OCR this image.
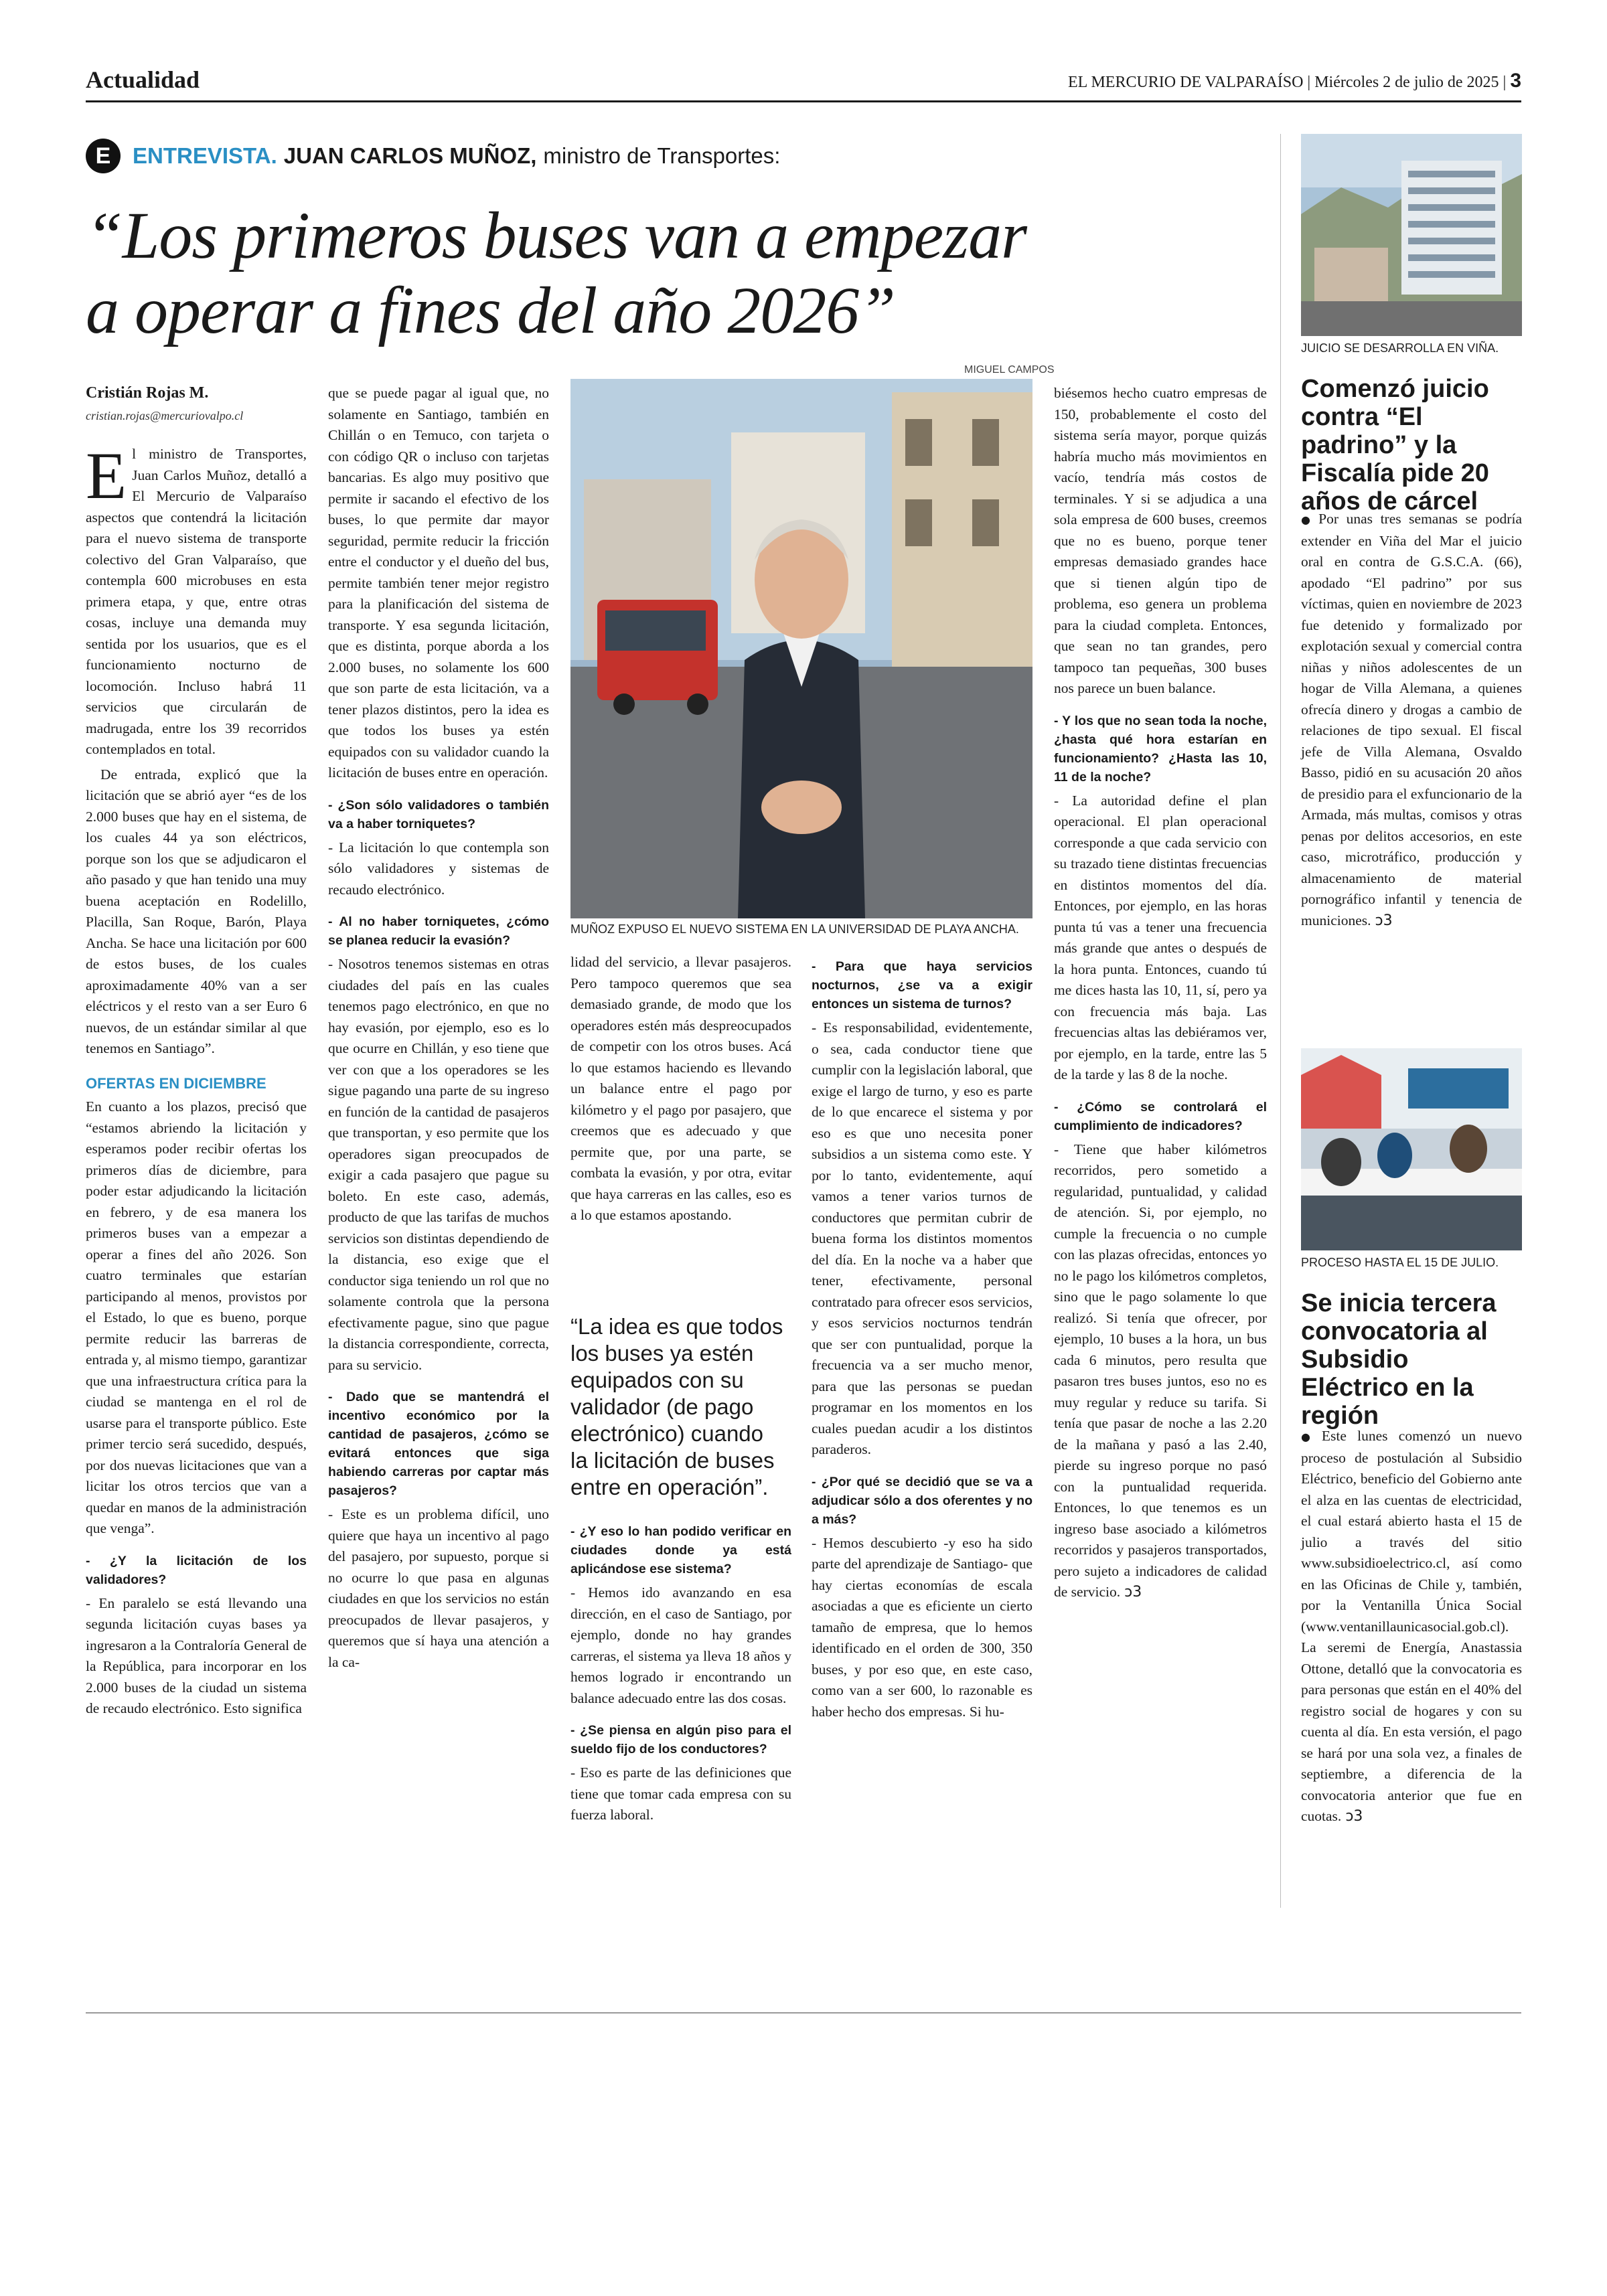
Actualidad	EL MERCURIO DE VALPARAÍSO | Miércoles 2 de julio de 2025 | 3
E ENTREVISTA. JUAN CARLOS MUÑOZ, ministro de Transportes:
“Los primeros buses van a empezar
a operar a fines del año 2026”
Cristián Rojas M.
cristian.rojas@mercuriovalpo.cl

El ministro de Transportes, Juan Carlos Muñoz, detalló a El Mercurio de Valparaíso aspectos que contendrá la licitación para el nuevo sistema de transporte colectivo del Gran Valparaíso, que contempla 600 microbuses en esta primera etapa, y que, entre otras cosas, incluye una demanda muy sentida por los usuarios, que es el funcionamiento nocturno de locomoción. Incluso habrá 11 servicios que circularán de madrugada, entre los 39 recorridos contemplados en total.

De entrada, explicó que la licitación que se abrió ayer “es de los 2.000 buses que hay en el sistema, de los cuales 44 ya son eléctricos, porque son los que se adjudicaron el año pasado y que han tenido una muy buena aceptación en Rodelillo, Placilla, San Roque, Barón, Playa Ancha. Se hace una licitación por 600 de estos buses, de los cuales aproximadamente 40% van a ser eléctricos y el resto van a ser Euro 6 nuevos, de un estándar similar al que tenemos en Santiago”.

OFERTAS EN DICIEMBRE

En cuanto a los plazos, precisó que “estamos abriendo la licitación y esperamos poder recibir ofertas los primeros días de diciembre, para poder estar adjudicando la licitación en febrero, y de esa manera los primeros buses van a empezar a operar a fines del año 2026. Son cuatro terminales que estarían participando al menos, provistos por el Estado, lo que es bueno, porque permite reducir las barreras de entrada y, al mismo tiempo, garantizar que una infraestructura crítica para la ciudad se mantenga en el rol de usarse para el transporte público. Este primer tercio será sucedido, después, por dos nuevas licitaciones que van a licitar los otros tercios que van a quedar en manos de la administración que venga”.

- ¿Y la licitación de los validadores?

- En paralelo se está llevando una segunda licitación cuyas bases ya ingresaron a la Contraloría General de la República, para incorporar en los 2.000 buses de la ciudad un sistema de recaudo electrónico. Esto significa

que se puede pagar al igual que, no solamente en Santiago, también en Chillán o en Temuco, con tarjeta o con código QR o incluso con tarjetas bancarias. Es algo muy positivo que permite ir sacando el efectivo de los buses, lo que permite dar mayor seguridad, permite reducir la fricción entre el conductor y el dueño del bus, permite también tener mejor registro para la planificación del sistema de transporte. Y esa segunda licitación, que es distinta, porque aborda a los 2.000 buses, no solamente los 600 que son parte de esta licitación, va a tener plazos distintos, pero la idea es que todos los buses ya estén equipados con su validador cuando la licitación de buses entre en operación.

- ¿Son sólo validadores o también va a haber torniquetes?

- La licitación lo que contempla son sólo validadores y sistemas de recaudo electrónico.

- Al no haber torniquetes, ¿cómo se planea reducir la evasión?

- Nosotros tenemos sistemas en otras ciudades del país en las cuales tenemos pago electrónico, en que no hay evasión, por ejemplo, eso es lo que ocurre en Chillán, y eso tiene que ver con que a los operadores se les sigue pagando una parte de su ingreso en función de la cantidad de pasajeros que transportan, y eso permite que los operadores sigan preocupados de exigir a cada pasajero que pague su boleto. En este caso, además, producto de que las tarifas de muchos servicios son distintas dependiendo de la distancia, eso exige que el conductor siga teniendo un rol que no solamente controla que la persona efectivamente pague, sino que pague la distancia correspondiente, correcta, para su servicio.

- Dado que se mantendrá el incentivo económico por la cantidad de pasajeros, ¿cómo se evitará entonces que siga habiendo carreras por captar más pasajeros?

- Este es un problema difícil, uno quiere que haya un incentivo al pago del pasajero, por supuesto, porque si no ocurre lo que pasa en algunas ciudades en que los servicios no están preocupados de llevar pasajeros, y queremos que sí haya una atención a la ca-

MIGUEL CAMPOS
MUÑOZ EXPUSO EL NUEVO SISTEMA EN LA UNIVERSIDAD DE PLAYA ANCHA.

lidad del servicio, a llevar pasajeros. Pero tampoco queremos que sea demasiado grande, de modo que los operadores estén más despreocupados de competir con los otros buses. Acá lo que estamos haciendo es llevando un balance entre el pago por kilómetro y el pago por pasajero, que creemos que es adecuado y que permite que, por una parte, se combata la evasión, y por otra, evitar que haya carreras en las calles, eso es a lo que estamos apostando.

“La idea es que todos los buses ya estén equipados con su validador (de pago electrónico) cuando la licitación de buses entre en operación”.

- ¿Y eso lo han podido verificar en ciudades donde ya está aplicándose ese sistema?

- Hemos ido avanzando en esa dirección, en el caso de Santiago, por ejemplo, donde no hay grandes carreras, el sistema ya lleva 18 años y hemos logrado ir encontrando un balance adecuado entre las dos cosas.

- ¿Se piensa en algún piso para el sueldo fijo de los conductores?

- Eso es parte de las definiciones que tiene que tomar cada empresa con su fuerza laboral.

- Para que haya servicios nocturnos, ¿se va a exigir entonces un sistema de turnos?

- Es responsabilidad, evidentemente, o sea, cada conductor tiene que cumplir con la legislación laboral, que exige el largo de turno, y eso es parte de lo que encarece el sistema y por eso es que uno necesita poner subsidios a un sistema como este. Y por lo tanto, evidentemente, aquí vamos a tener varios turnos de conductores que permitan cubrir de buena forma los distintos momentos del día. En la noche va a haber que tener, efectivamente, personal contratado para ofrecer esos servicios, y esos servicios nocturnos tendrán que ser con puntualidad, porque la frecuencia va a ser mucho menor, para que las personas se puedan programar en los momentos en los cuales puedan acudir a los distintos paraderos.

- ¿Por qué se decidió que se va a adjudicar sólo a dos oferentes y no a más?

- Hemos descubierto -y eso ha sido parte del aprendizaje de Santiago- que hay ciertas economías de escala asociadas a que es eficiente un cierto tamaño de empresa, que lo hemos identificado en el orden de 300, 350 buses, y por eso que, en este caso, como van a ser 600, lo razonable es haber hecho dos empresas. Si hu-

biésemos hecho cuatro empresas de 150, probablemente el costo del sistema sería mayor, porque quizás habría mucho más movimientos en vacío, tendría más costos de terminales. Y si se adjudica a una sola empresa de 600 buses, creemos que no es bueno, porque tener empresas demasiado grandes hace que si tienen algún tipo de problema, eso genera un problema para la ciudad completa. Entonces, que sean no tan grandes, pero tampoco tan pequeñas, 300 buses nos parece un buen balance.

- Y los que no sean toda la noche, ¿hasta qué hora estarían en funcionamiento? ¿Hasta las 10, 11 de la noche?

- La autoridad define el plan operacional. El plan operacional corresponde a que cada servicio con su trazado tiene distintas frecuencias en distintos momentos del día. Entonces, por ejemplo, en las horas punta tú vas a tener una frecuencia más grande que antes o después de la hora punta. Entonces, cuando tú me dices hasta las 10, 11, sí, pero ya con frecuencia más baja. Las frecuencias altas las debiéramos ver, por ejemplo, en la tarde, entre las 5 de la tarde y las 8 de la noche.

- ¿Cómo se controlará el cumplimiento de indicadores?

- Tiene que haber kilómetros recorridos, pero sometido a regularidad, puntualidad, y calidad de atención. Si, por ejemplo, no cumple la frecuencia o no cumple con las plazas ofrecidas, entonces yo no le pago los kilómetros completos, sino que le pago solamente lo que realizó. Si tenía que ofrecer, por ejemplo, 10 buses a la hora, un bus cada 6 minutos, pero resulta que pasaron tres buses juntos, eso no es muy regular y reduce su tarifa. Si tenía que pasar de noche a las 2.20 de la mañana y pasó a las 2.40, pierde su ingreso porque no pasó con la puntualidad requerida. Entonces, lo que tenemos es un ingreso base asociado a kilómetros recorridos y pasajeros transportados, pero sujeto a indicadores de calidad de servicio. ↄ3

JUICIO SE DESARROLLA EN VIÑA.
Comenzó juicio contra “El padrino” y la Fiscalía pide 20 años de cárcel
● Por unas tres semanas se podría extender en Viña del Mar el juicio oral en contra de G.S.C.A. (66), apodado “El padrino” por sus víctimas, quien en noviembre de 2023 fue detenido y formalizado por explotación sexual y comercial contra niñas y niños adolescentes de un hogar de Villa Alemana, a quienes ofrecía dinero y drogas a cambio de relaciones de tipo sexual. El fiscal jefe de Villa Alemana, Osvaldo Basso, pidió en su acusación 20 años de presidio para el exfuncionario de la Armada, más multas, comisos y otras penas por delitos accesorios, en este caso, microtráfico, producción y almacenamiento de material pornográfico infantil y tenencia de municiones. ↄ3
PROCESO HASTA EL 15 DE JULIO.
Se inicia tercera convocatoria al Subsidio Eléctrico en la región
● Este lunes comenzó un nuevo proceso de postulación al Subsidio Eléctrico, beneficio del Gobierno ante el alza en las cuentas de electricidad, el cual estará abierto hasta el 15 de julio a través del sitio www.subsidioelectrico.cl, así como en las Oficinas de Chile y, también, por la Ventanilla Única Social (www.ventanillaunicasocial.gob.cl). La seremi de Energía, Anastassia Ottone, detalló que la convocatoria es para personas que están en el 40% del registro social de hogares y con su cuenta al día. En esta versión, el pago se hará por una sola vez, a finales de septiembre, a diferencia de la convocatoria anterior que fue en cuotas. ↄ3
